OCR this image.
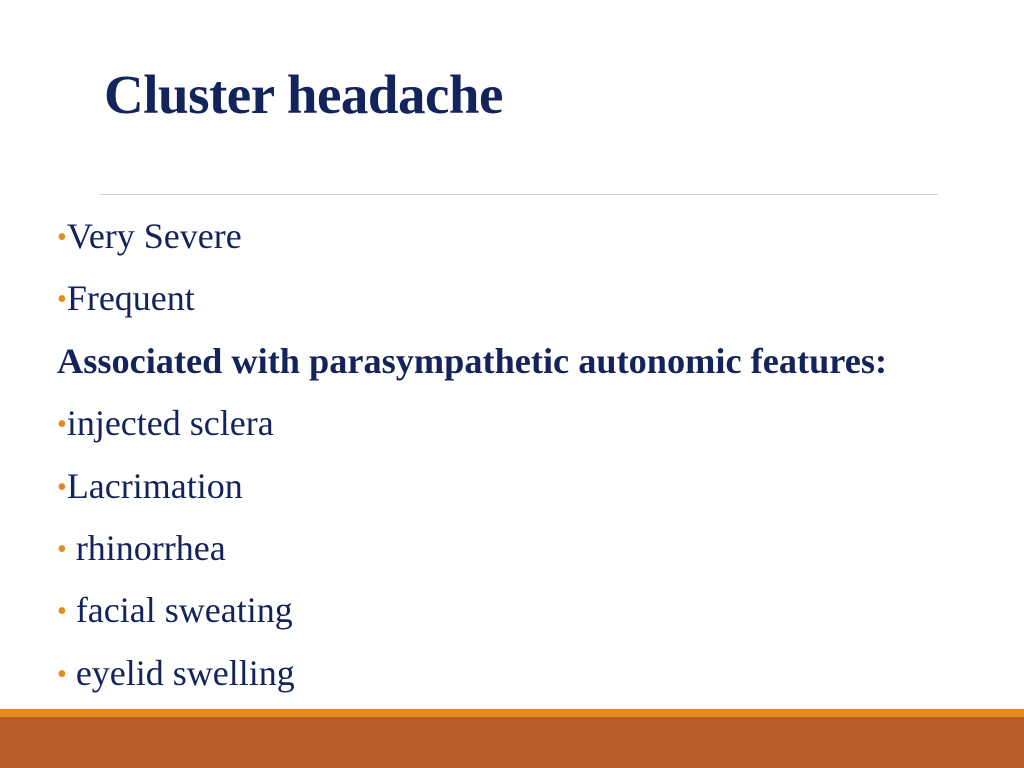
Cluster headache
•Very Severe
•Frequent
Associated with parasympathetic autonomic features:
•injected sclera
•Lacrimation
• rhinorrhea
• facial sweating
• eyelid swelling
